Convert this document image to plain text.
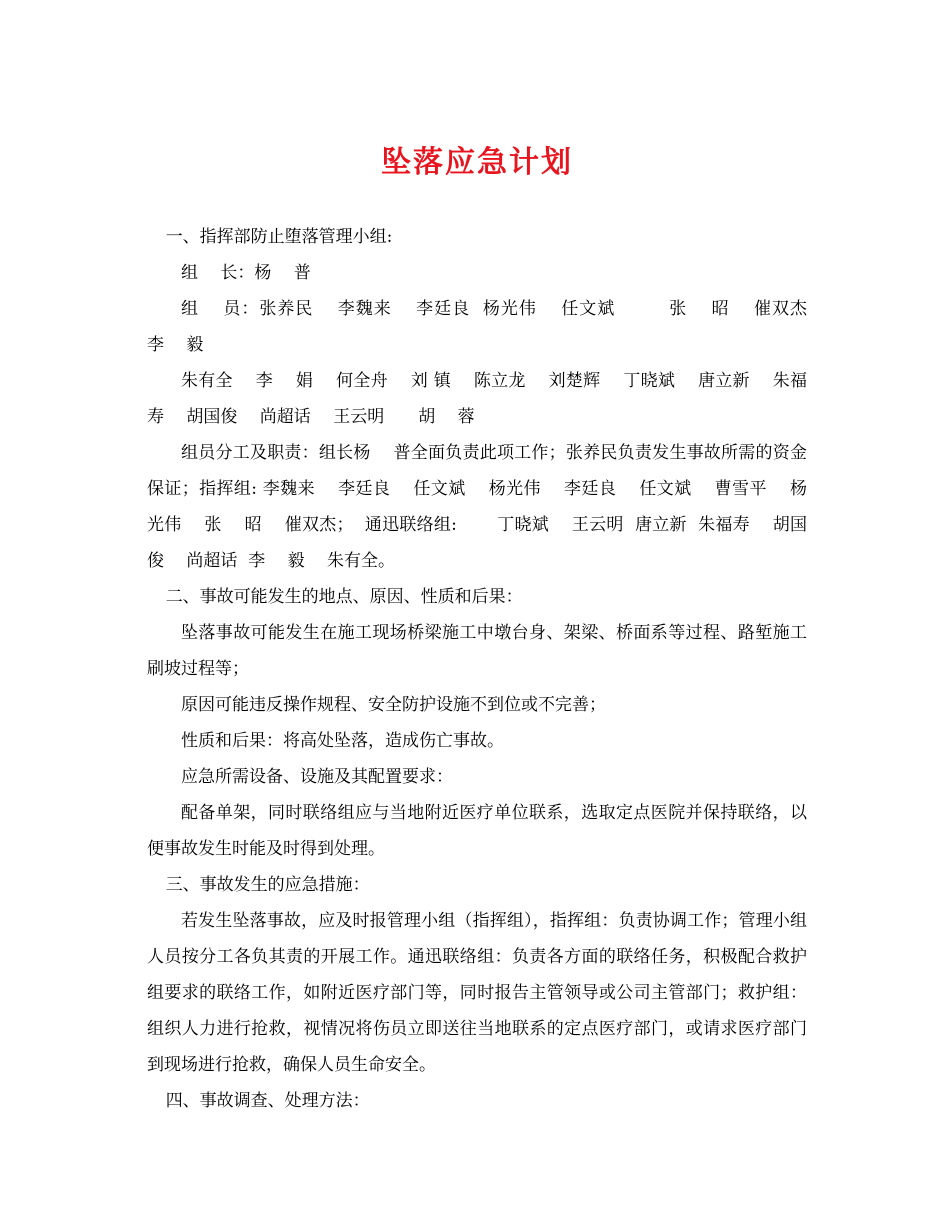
坠落应急计划

一、指挥部防止堕落管理小组:

组　 长：杨　 普

组　 员：张养民　 李魏来　 李廷良  杨光伟　 任文斌　　　张　 昭　 催双杰　 李　 毅

朱有全　 李　 娟　 何全舟　 刘 镇　 陈立龙　 刘楚辉　 丁晓斌　 唐立新　 朱福寿　 胡国俊　 尚超话　 王云明　　胡　 蓉

组员分工及职责：组长杨　 普全面负责此项工作；张养民负责发生事故所需的资金保证；指挥组: 李魏来　 李廷良　 任文斌　 杨光伟　 李廷良　 任文斌　 曹雪平　 杨光伟　 张　 昭　 催双杰；  通迅联络组:　　 丁晓斌　 王云明  唐立新  朱福寿　 胡国俊　 尚超话  李　 毅　 朱有全。

二、事故可能发生的地点、原因、性质和后果：

坠落事故可能发生在施工现场桥梁施工中墩台身、架梁、桥面系等过程、路堑施工刷坡过程等；

原因可能违反操作规程、安全防护设施不到位或不完善；

性质和后果：将高处坠落，造成伤亡事故。

应急所需设备、设施及其配置要求：

配备单架，同时联络组应与当地附近医疗单位联系，选取定点医院并保持联络，以便事故发生时能及时得到处理。

三、事故发生的应急措施：

若发生坠落事故，应及时报管理小组（指挥组），指挥组：负责协调工作；管理小组人员按分工各负其责的开展工作。通迅联络组：负责各方面的联络任务，积极配合救护组要求的联络工作，如附近医疗部门等，同时报告主管领导或公司主管部门；救护组：组织人力进行抢救，视情况将伤员立即送往当地联系的定点医疗部门，或请求医疗部门到现场进行抢救，确保人员生命安全。

四、事故调查、处理方法：
